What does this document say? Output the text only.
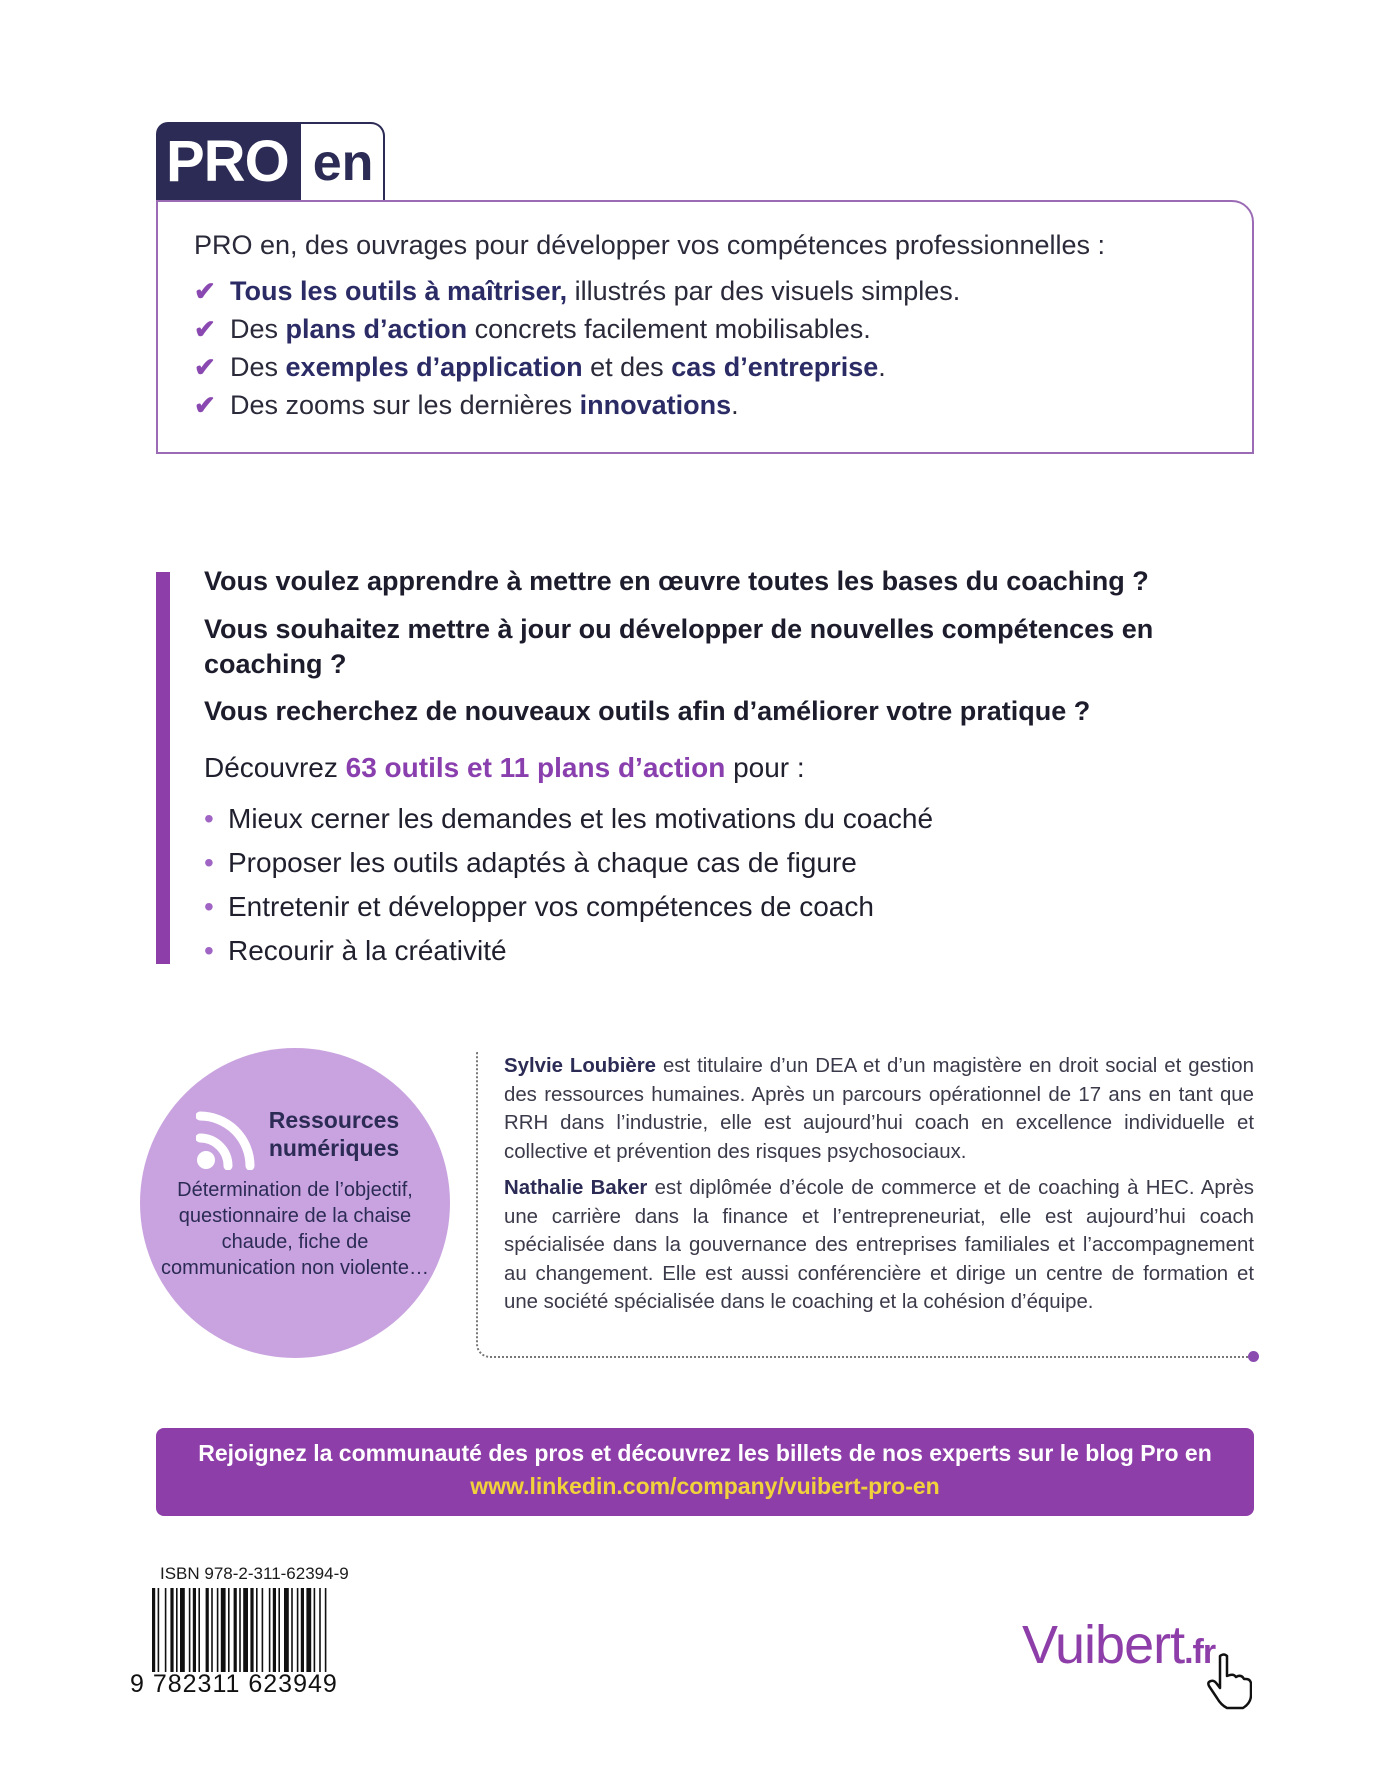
PRO en
PRO en, des ouvrages pour développer vos compétences professionnelles :
✔ Tous les outils à maîtriser, illustrés par des visuels simples.
✔ Des plans d’action concrets facilement mobilisables.
✔ Des exemples d’application et des cas d’entreprise.
✔ Des zooms sur les dernières innovations.
Vous voulez apprendre à mettre en œuvre toutes les bases du coaching ?
Vous souhaitez mettre à jour ou développer de nouvelles compétences en coaching ?
Vous recherchez de nouveaux outils afin d’améliorer votre pratique ?
Découvrez 63 outils et 11 plans d’action pour :
• Mieux cerner les demandes et les motivations du coaché
• Proposer les outils adaptés à chaque cas de figure
• Entretenir et développer vos compétences de coach
• Recourir à la créativité
Ressources numériques
Détermination de l’objectif, questionnaire de la chaise chaude, fiche de communication non violente…
Sylvie Loubière est titulaire d’un DEA et d’un magistère en droit social et gestion des ressources humaines. Après un parcours opérationnel de 17 ans en tant que RRH dans l’industrie, elle est aujourd’hui coach en excellence individuelle et collective et prévention des risques psychosociaux.
Nathalie Baker est diplômée d’école de commerce et de coaching à HEC. Après une carrière dans la finance et l’entrepreneuriat, elle est aujourd’hui coach spécialisée dans la gouvernance des entreprises familiales et l’accompagnement au changement. Elle est aussi conférencière et dirige un centre de formation et une société spécialisée dans le coaching et la cohésion d’équipe.
Rejoignez la communauté des pros et découvrez les billets de nos experts sur le blog Pro en
www.linkedin.com/company/vuibert-pro-en
ISBN 978-2-311-62394-9
9 782311 623949
Vuibert.fr
